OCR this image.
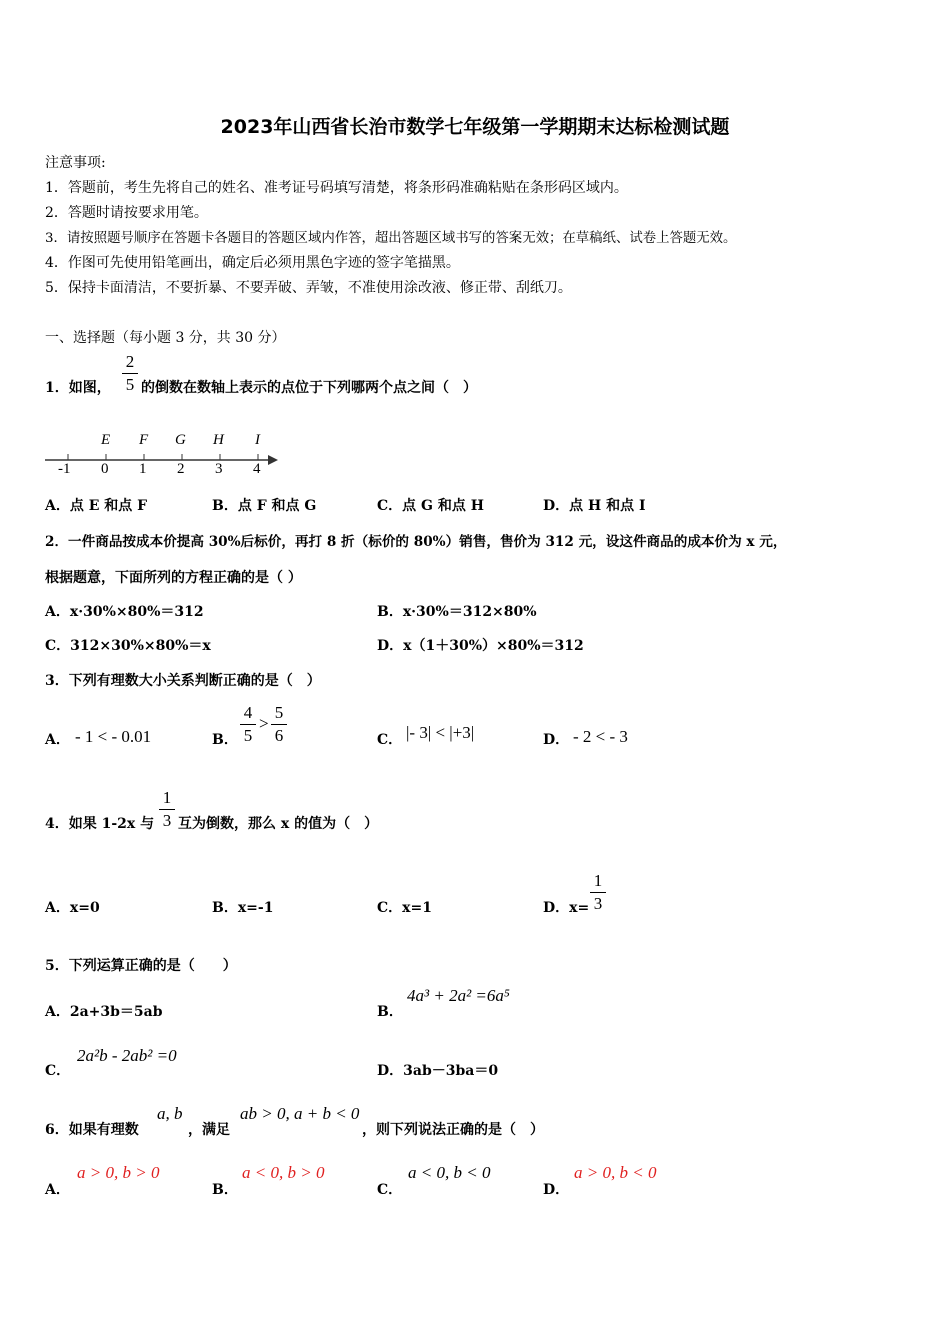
2023年山西省长治市数学七年级第一学期期末达标检测试题
注意事项:
1．答题前，考生先将自己的姓名、准考证号码填写清楚，将条形码准确粘贴在条形码区域内。
2．答题时请按要求用笔。
3．请按照题号顺序在答题卡各题目的答题区域内作答，超出答题区域书写的答案无效；在草稿纸、试卷上答题无效。
4．作图可先使用铅笔画出，确定后必须用黑色字迹的签字笔描黑。
5．保持卡面清洁，不要折暴、不要弄破、弄皱，不准使用涂改液、修正带、刮纸刀。
一、选择题（每小题 3 分，共 30 分）
1．如图，
2
5 的倒数在数轴上表示的点位于下列哪两个点之间（　）
-1 0 1 2 3 4
E F G H I
A．点 E 和点 F	B．点 F 和点 G	C．点 G 和点 H	D．点 H 和点 I
2．一件商品按成本价提高 30%后标价，再打 8 折（标价的 80%）销售，售价为 312 元，设这件商品的成本价为 x 元，
根据题意，下面所列的方程正确的是（ ）
A．x·30%×80%＝312	B．x·30%＝312×80%
C．312×30%×80%＝x	D．x（1＋30%）×80%＝312
3．下列有理数大小关系判断正确的是（　）
A． - 1 < - 0.01	B．
4
5
>
5
6	C． |- 3| < |+3|	D． - 2 < - 3
4．如果 1-2x 与
1
3 互为倒数，那么 x 的值为（　）
A．x=0	B．x=-1	C．x=1	D．x=
1
3
5．下列运算正确的是（　　）
A．2a+3b＝5ab	B．
4a³ + 2a² =6a⁵
C．
2a²b - 2ab² =0
D．3ab－3ba＝0
6．如果有理数
a, b
，满足
ab > 0, a + b < 0
，则下列说法正确的是（　）
A．
a > 0, b > 0
B．
a < 0, b > 0
C．
a < 0, b < 0
D．
a > 0, b < 0
